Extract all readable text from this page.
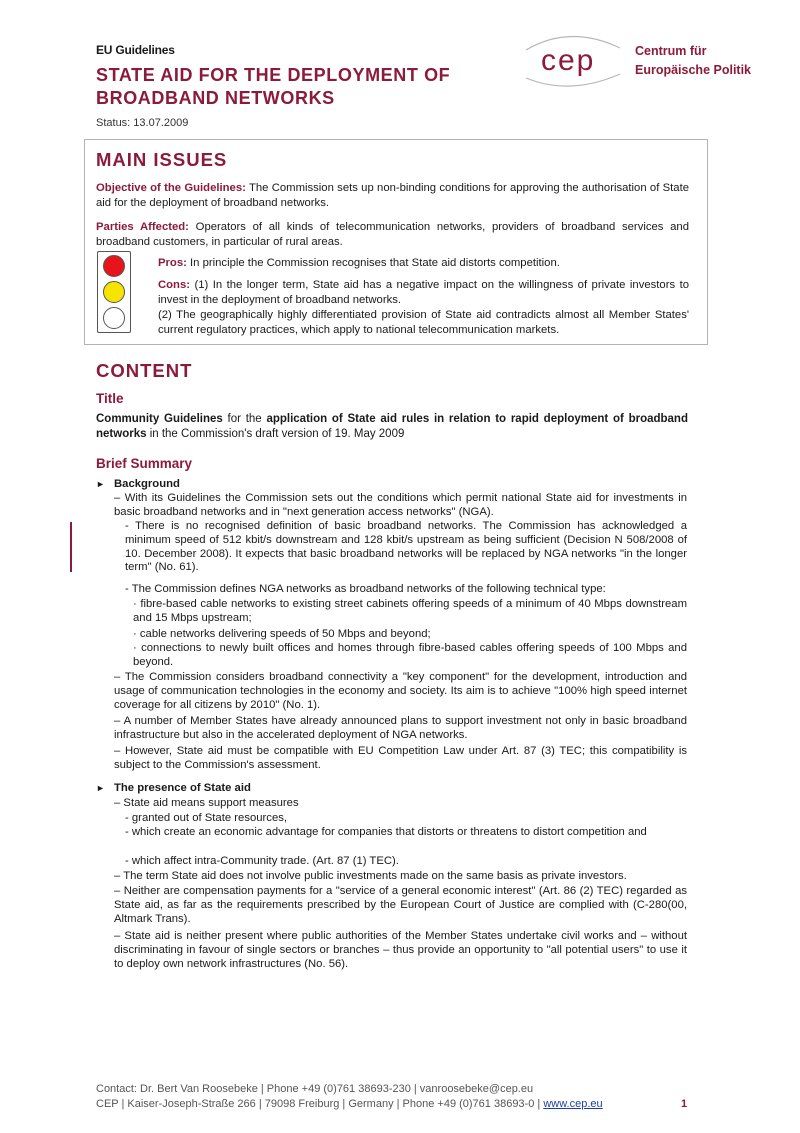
EU Guidelines
STATE AID FOR THE DEPLOYMENT OF
BROADBAND NETWORKS
Status: 13.07.2009
cep	Centrum für
Europäische Politik
MAIN ISSUES

Objective of the Guidelines: The Commission sets up non-binding conditions for approving the authorisation of State aid for the deployment of broadband networks.

Parties Affected: Operators of all kinds of telecommunication networks, providers of broadband services and broadband customers, in particular of rural areas.

Pros: In principle the Commission recognises that State aid distorts competition.

Cons: (1) In the longer term, State aid has a negative impact on the willingness of private investors to invest in the deployment of broadband networks.

(2) The geographically highly differentiated provision of State aid contradicts almost all Member States' current regulatory practices, which apply to national telecommunication markets.

CONTENT
Title

Community Guidelines for the application of State aid rules in relation to rapid deployment of broadband networks in the Commission's draft version of 19. May 2009

Brief Summary
► Background

– With its Guidelines the Commission sets out the conditions which permit national State aid for investments in basic broadband networks and in "next generation access networks" (NGA).

- There is no recognised definition of basic broadband networks. The Commission has acknowledged a minimum speed of 512 kbit/s downstream and 128 kbit/s upstream as being sufficient (Decision N 508/2008 of 10. December 2008). It expects that basic broadband networks will be replaced by NGA networks "in the longer term" (No. 61).

- The Commission defines NGA networks as broadband networks of the following technical type:

· fibre-based cable networks to existing street cabinets offering speeds of a minimum of 40 Mbps downstream and 15 Mbps upstream;

· cable networks delivering speeds of 50 Mbps and beyond;

· connections to newly built offices and homes through fibre-based cables offering speeds of 100 Mbps and beyond.

– The Commission considers broadband connectivity a "key component" for the development, introduction and usage of communication technologies in the economy and society. Its aim is to achieve "100% high speed internet coverage for all citizens by 2010" (No. 1).

– A number of Member States have already announced plans to support investment not only in basic broadband infrastructure but also in the accelerated deployment of NGA networks.

– However, State aid must be compatible with EU Competition Law under Art. 87 (3) TEC; this compatibility is subject to the Commission's assessment.

► The presence of State aid

– State aid means support measures

- granted out of State resources,

- which create an economic advantage for companies that distorts or threatens to distort competition and

- which affect intra-Community trade. (Art. 87 (1) TEC).

– The term State aid does not involve public investments made on the same basis as private investors.

– Neither are compensation payments for a "service of a general economic interest" (Art. 86 (2) TEC) regarded as State aid, as far as the requirements prescribed by the European Court of Justice are complied with (C-280(00, Altmark Trans).

– State aid is neither present where public authorities of the Member States undertake civil works and – without discriminating in favour of single sectors or branches – thus provide an opportunity to "all potential users" to use it to deploy own network infrastructures (No. 56).

Contact: Dr. Bert Van Roosebeke | Phone +49 (0)761 38693-230 | vanroosebeke@cep.eu
CEP | Kaiser-Joseph-Straße 266 | 79098 Freiburg | Germany | Phone +49 (0)761 38693-0 | www.cep.eu	1
